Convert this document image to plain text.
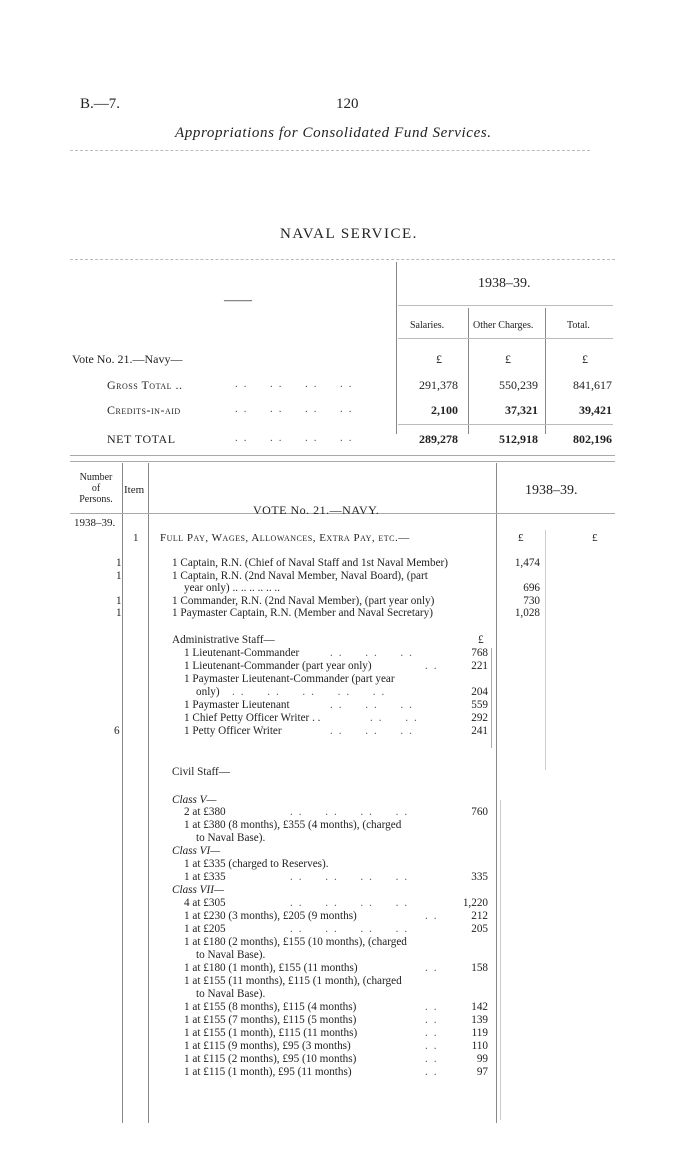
B.—7.	120
Appropriations for Consolidated Fund Services.
NAVAL SERVICE.
——
1938–39.
Salaries.	Other Charges.	Total.
Vote No. 21.—Navy—	£	£	£
Gross Total ..	..  ..  ..  ..	291,378	550,239	841,617
Credits-in-aid	..  ..  ..  ..	2,100	37,321	39,421
NET TOTAL	..  ..  ..  ..	289,278	512,918	802,196
Number
of
Persons.
Item
VOTE No. 21.—NAVY.
1938–39.
1938–39.
£	£
1 Full Pay, Wages, Allowances, Extra Pay, etc.—
1	1 Captain, R.N. (Chief of Naval Staff and 1st Naval Member)	1,474
1	1 Captain, R.N. (2nd Naval Member, Naval Board), (part
year only) .. .. .. .. .. ..	696
1	1 Commander, R.N. (2nd Naval Member), (part year only)	730
1	1 Paymaster Captain, R.N. (Member and Naval Secretary)	1,028
Administrative Staff—	£
1 Lieutenant-Commander	..  ..  ..	768
1 Lieutenant-Commander (part year only)	..	221
1 Paymaster Lieutenant-Commander (part year
only) ..  ..  ..  ..  ..	204
1 Paymaster Lieutenant	..  ..  ..	559
1 Chief Petty Officer Writer . .	..  ..	292
6	1 Petty Officer Writer	..  ..  ..	241
Civil Staff—
Class V—
2 at £380	..  ..  ..  ..	760
1 at £380 (8 months), £355 (4 months), (charged
to Naval Base).
Class VI—
1 at £335 (charged to Reserves).
1 at £335	..  ..  ..  ..	335
Class VII—
4 at £305	..  ..  ..  ..	1,220
1 at £230 (3 months), £205 (9 months)	..	212
1 at £205	..  ..  ..  ..	205
1 at £180 (2 months), £155 (10 months), (charged
to Naval Base).
1 at £180 (1 month), £155 (11 months)	..	158
1 at £155 (11 months), £115 (1 month), (charged
to Naval Base).
1 at £155 (8 months), £115 (4 months)	..	142
1 at £155 (7 months), £115 (5 months)	..	139
1 at £155 (1 month), £115 (11 months)	..	119
1 at £115 (9 months), £95 (3 months)	..	110
1 at £115 (2 months), £95 (10 months)	..	99
1 at £115 (1 month), £95 (11 months)	..	97
